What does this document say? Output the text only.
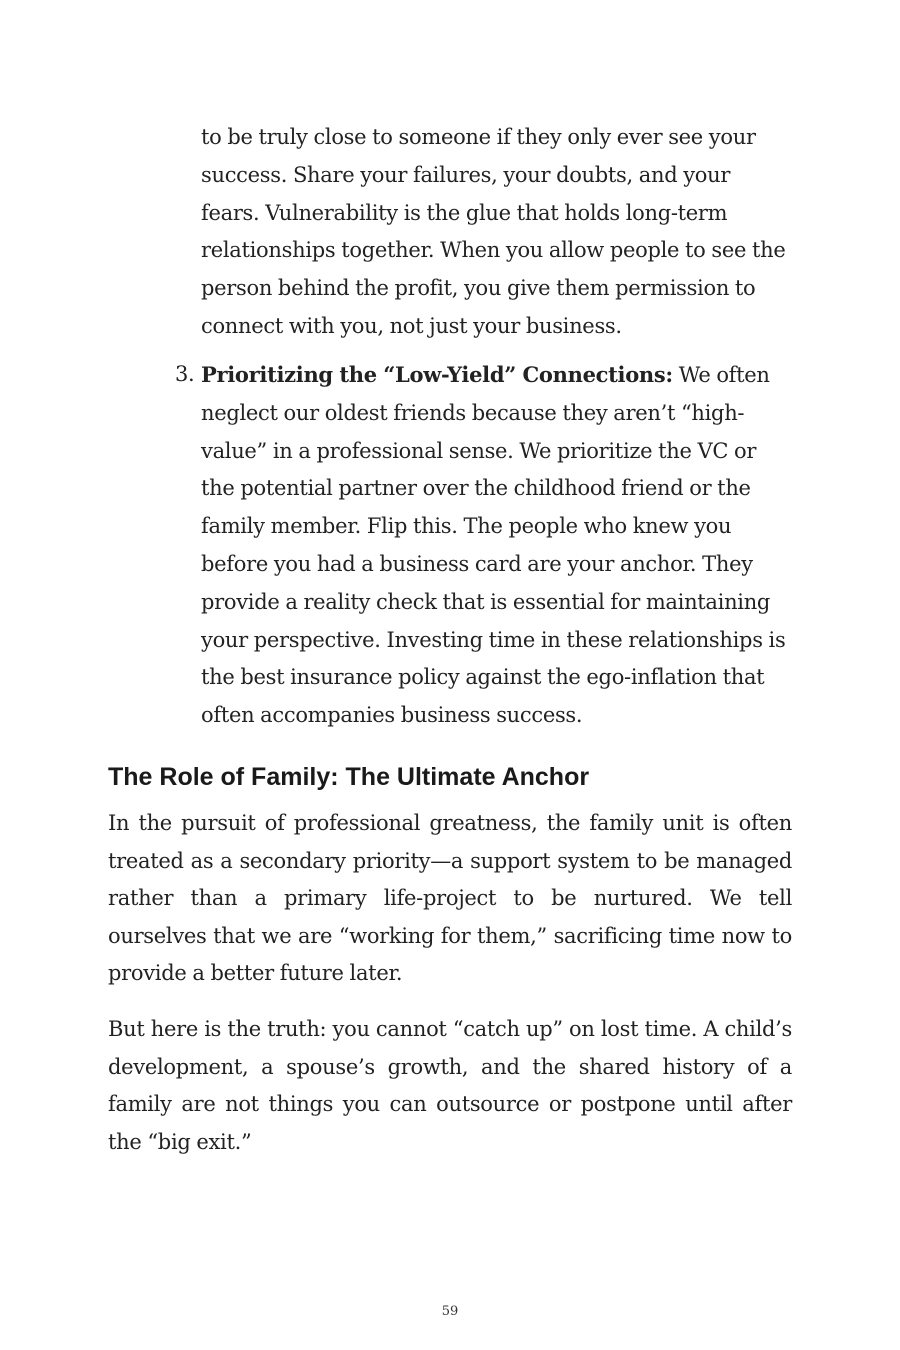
to be truly close to someone if they only ever see your success. Share your failures, your doubts, and your fears. Vulnerability is the glue that holds long-term relationships together. When you allow people to see the person behind the profit, you give them permission to connect with you, not just your business.

3. Prioritizing the “Low-Yield” Connections: We often neglect our oldest friends because they aren’t “high-value” in a professional sense. We prioritize the VC or the potential partner over the childhood friend or the family member. Flip this. The people who knew you before you had a business card are your anchor. They provide a reality check that is essential for maintaining your perspective. Investing time in these relationships is the best insurance policy against the ego-inflation that often accompanies business success.
The Role of Family: The Ultimate Anchor

In the pursuit of professional greatness, the family unit is often treated as a secondary priority—a support system to be managed rather than a primary life-project to be nurtured. We tell ourselves that we are “working for them,” sacrificing time now to provide a better future later.

But here is the truth: you cannot “catch up” on lost time. A child’s development, a spouse’s growth, and the shared history of a family are not things you can outsource or postpone until after the “big exit.”

59
